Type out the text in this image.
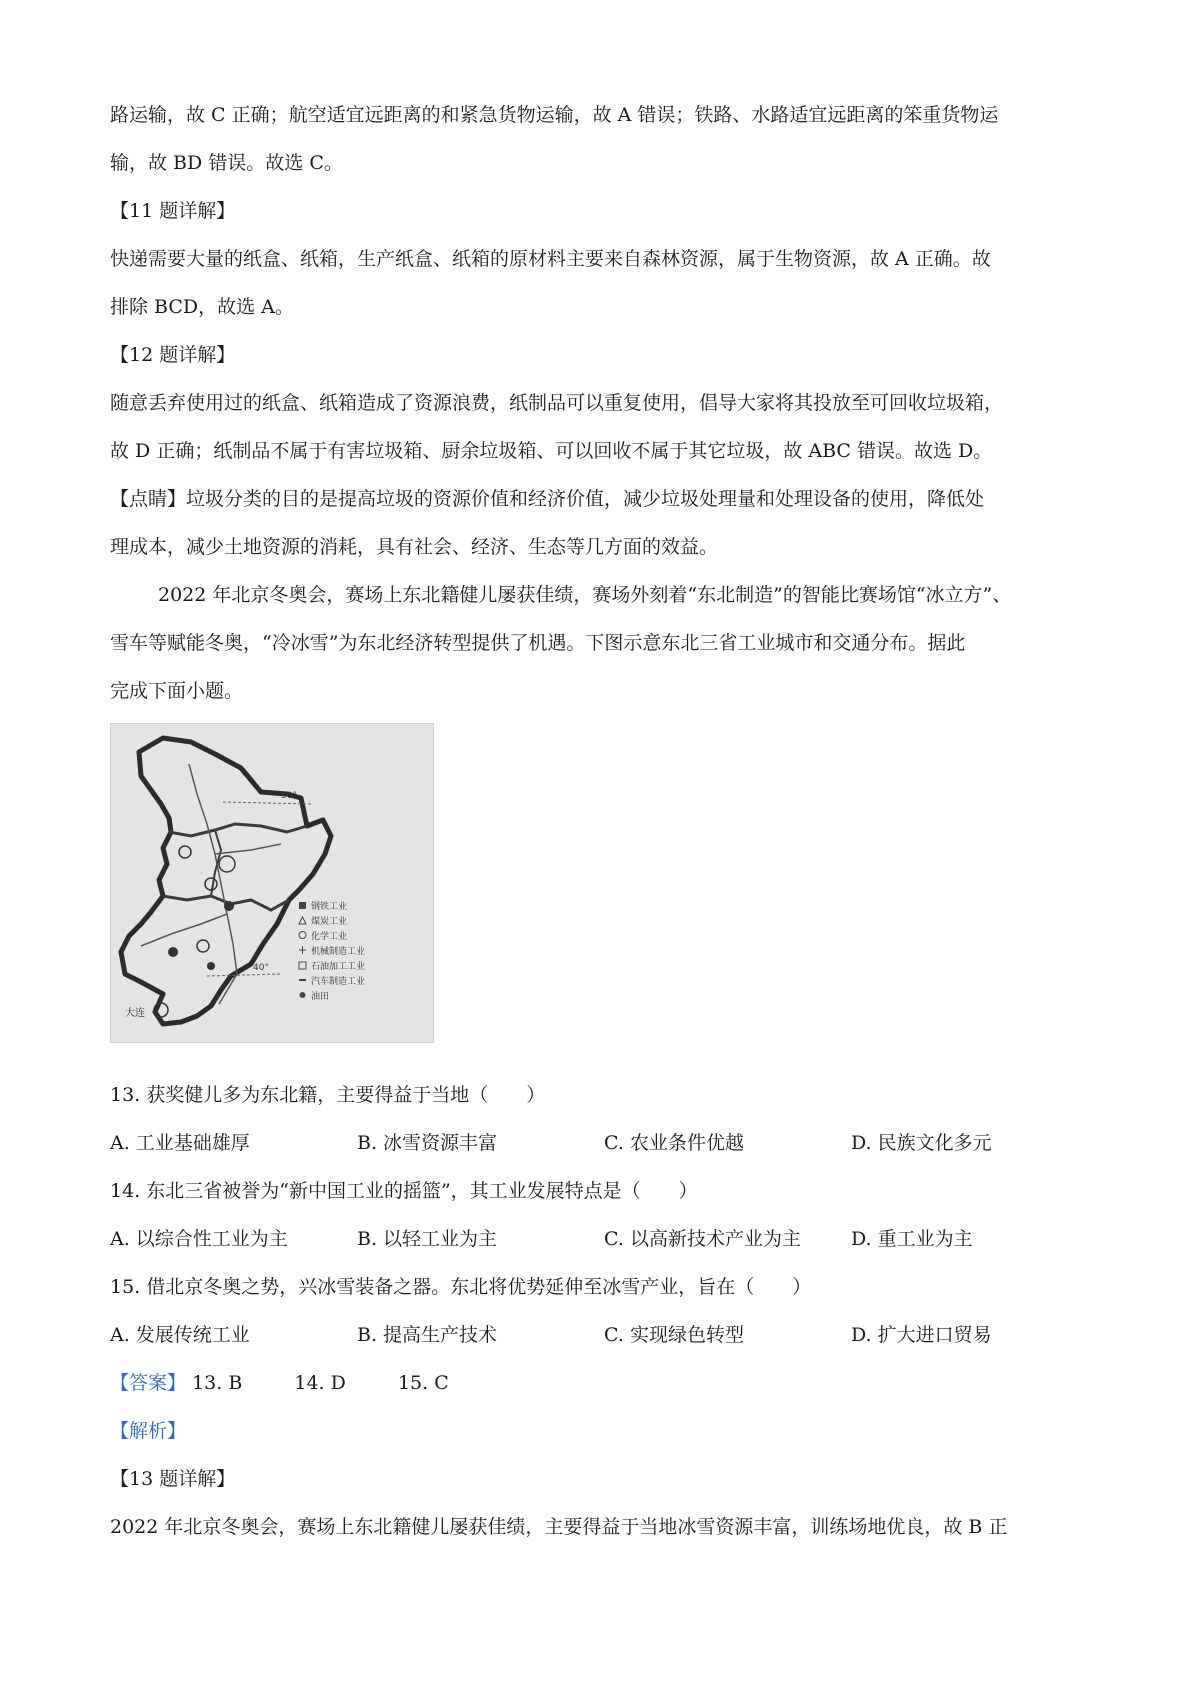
路运输，故 C 正确；航空适宜远距离的和紧急货物运输，故 A 错误；铁路、水路适宜远距离的笨重货物运
输，故 BD 错误。故选 C。
【11 题详解】
快递需要大量的纸盒、纸箱，生产纸盒、纸箱的原材料主要来自森林资源，属于生物资源，故 A 正确。故
排除 BCD，故选 A。
【12 题详解】
随意丢弃使用过的纸盒、纸箱造成了资源浪费，纸制品可以重复使用，倡导大家将其投放至可回收垃圾箱，
故 D 正确；纸制品不属于有害垃圾箱、厨余垃圾箱、可以回收不属于其它垃圾，故 ABC 错误。故选 D。
【点睛】垃圾分类的目的是提高垃圾的资源价值和经济价值，减少垃圾处理量和处理设备的使用，降低处
理成本，减少土地资源的消耗，具有社会、经济、生态等几方面的效益。
2022 年北京冬奥会，赛场上东北籍健儿屡获佳绩，赛场外刻着“东北制造”的智能比赛场馆“冰立方”、
雪车等赋能冬奥，“冷冰雪”为东北经济转型提供了机遇。下图示意东北三省工业城市和交通分布。据此
完成下面小题。
50°
40°
大连
钢铁工业
煤炭工业
化学工业
机械制造工业
石油加工工业
汽车制造工业
油田
13. 获奖健儿多为东北籍，主要得益于当地（　　）
A. 工业基础雄厚	B. 冰雪资源丰富	C. 农业条件优越	D. 民族文化多元
14. 东北三省被誉为“新中国工业的摇篮”，其工业发展特点是（　　）
A. 以综合性工业为主	B. 以轻工业为主	C. 以高新技术产业为主	D. 重工业为主
15. 借北京冬奥之势，兴冰雪装备之器。东北将优势延伸至冰雪产业，旨在（　　）
A. 发展传统工业	B. 提高生产技术	C. 实现绿色转型	D. 扩大进口贸易
【答案】 13. B	14. D	15. C
【解析】
【13 题详解】
2022 年北京冬奥会，赛场上东北籍健儿屡获佳绩，主要得益于当地冰雪资源丰富，训练场地优良，故 B 正
